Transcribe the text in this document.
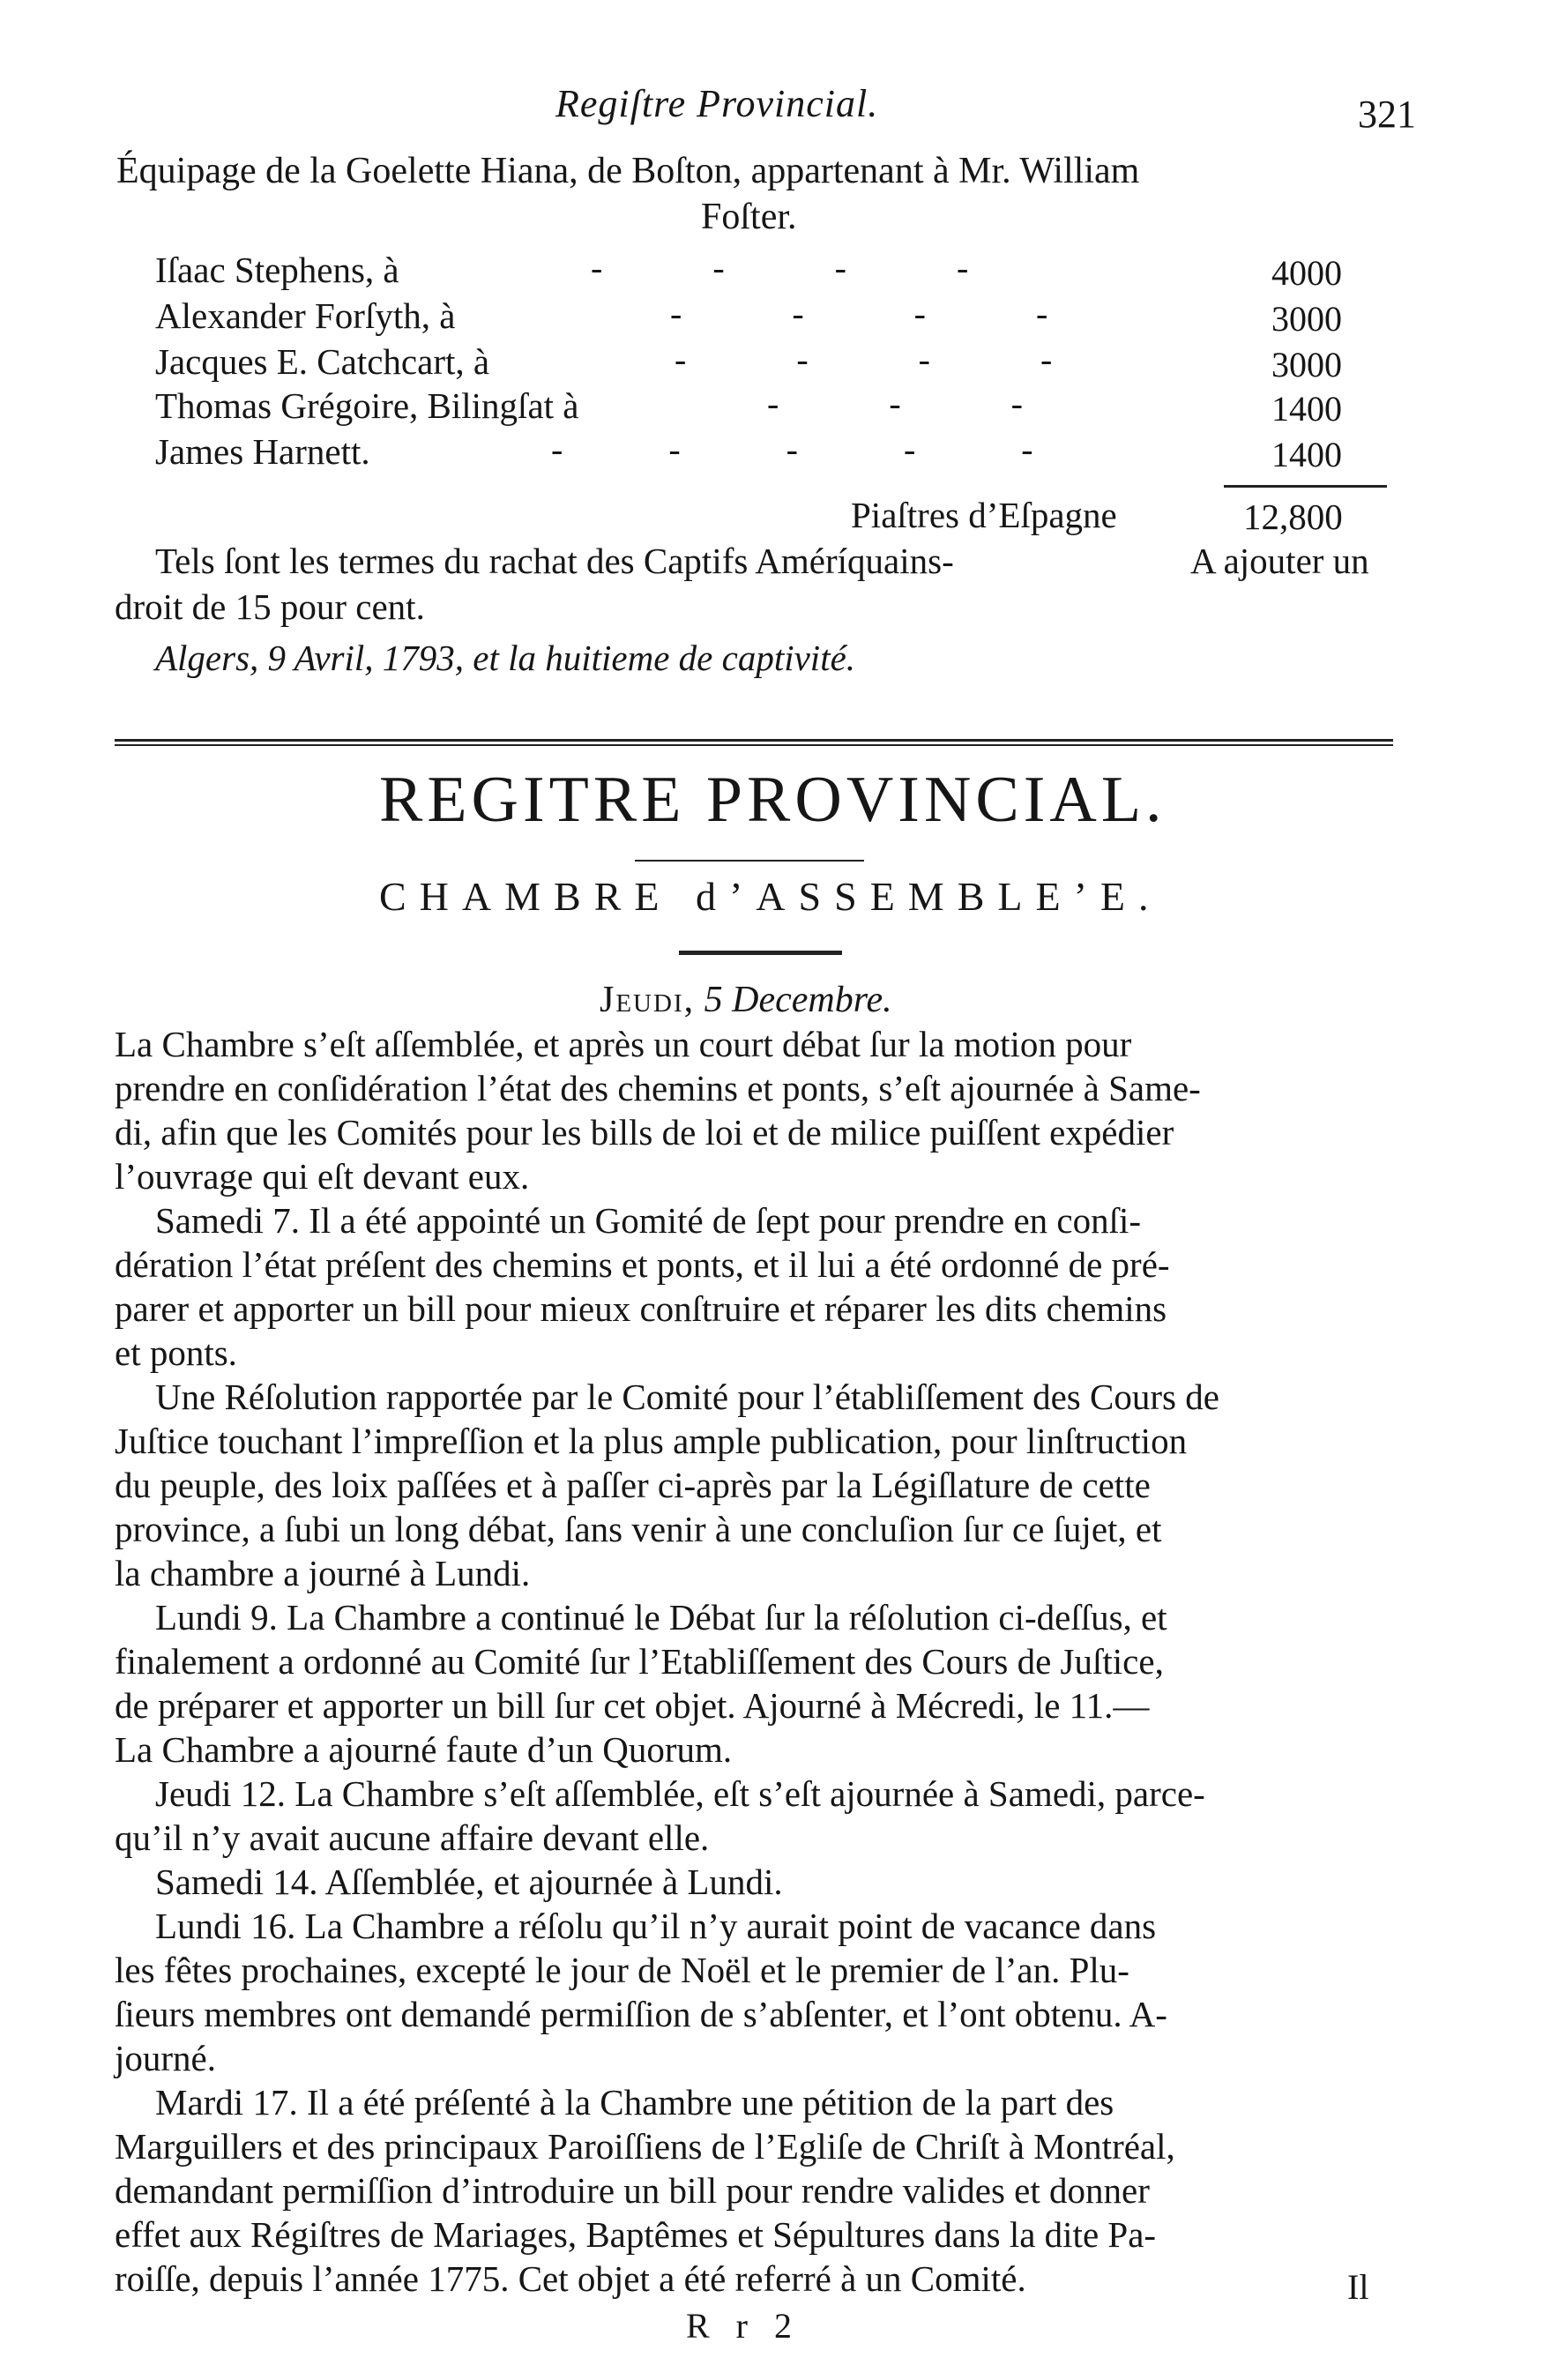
Regiſtre Provincial.	321
Équipage de la Goelette Hiana, de Boſton, appartenant à Mr. William
Foſter.
Iſaac Stephens, à	- - - -	4000
Alexander Forſyth, à	- - - -	3000
Jacques E. Catchcart, à	- - - -	3000
Thomas Grégoire, Bilingſat à	- - -	1400
James Harnett.	- - - - -	1400
Piaſtres d’Eſpagne	12,800
Tels ſont les termes du rachat des Captifs Améríquains-	A ajouter un
droit de 15 pour cent.
Algers, 9 Avril, 1793, et la huitieme de captivité.
REGITRE PROVINCIAL.
CHAMBRE d’ASSEMBLE’E.
Jeudi, 5 Decembre.
La Chambre s’eſt aſſemblée, et après un court débat ſur la motion pour
prendre en conſidération l’état des chemins et ponts, s’eſt ajournée à Same-
di, afin que les Comités pour les bills de loi et de milice puiſſent expédier
l’ouvrage qui eſt devant eux.
Samedi 7. Il a été appointé un Gomité de ſept pour prendre en conſi-
dération l’état préſent des chemins et ponts, et il lui a été ordonné de pré-
parer et apporter un bill pour mieux conſtruire et réparer les dits chemins
et ponts.
Une Réſolution rapportée par le Comité pour l’établiſſement des Cours de
Juſtice touchant l’impreſſion et la plus ample publication, pour linſtruction
du peuple, des loix paſſées et à paſſer ci-après par la Légiſlature de cette
province, a ſubi un long débat, ſans venir à une concluſion ſur ce ſujet, et
la chambre a journé à Lundi.
Lundi 9. La Chambre a continué le Débat ſur la réſolution ci-deſſus, et
finalement a ordonné au Comité ſur l’Etabliſſement des Cours de Juſtice,
de préparer et apporter un bill ſur cet objet. Ajourné à Mécredi, le 11.—
La Chambre a ajourné faute d’un Quorum.
Jeudi 12. La Chambre s’eſt aſſemblée, eſt s’eſt ajournée à Samedi, parce-
qu’il n’y avait aucune affaire devant elle.
Samedi 14. Aſſemblée, et ajournée à Lundi.
Lundi 16. La Chambre a réſolu qu’il n’y aurait point de vacance dans
les fêtes prochaines, excepté le jour de Noël et le premier de l’an. Plu-
ſieurs membres ont demandé permiſſion de s’abſenter, et l’ont obtenu. A-
journé.
Mardi 17. Il a été préſenté à la Chambre une pétition de la part des
Marguillers et des principaux Paroiſſiens de l’Egliſe de Chriſt à Montréal,
demandant permiſſion d’introduire un bill pour rendre valides et donner
effet aux Régiſtres de Mariages, Baptêmes et Sépultures dans la dite Pa-
roiſſe, depuis l’année 1775. Cet objet a été referré à un Comité.
R r 2
Il
